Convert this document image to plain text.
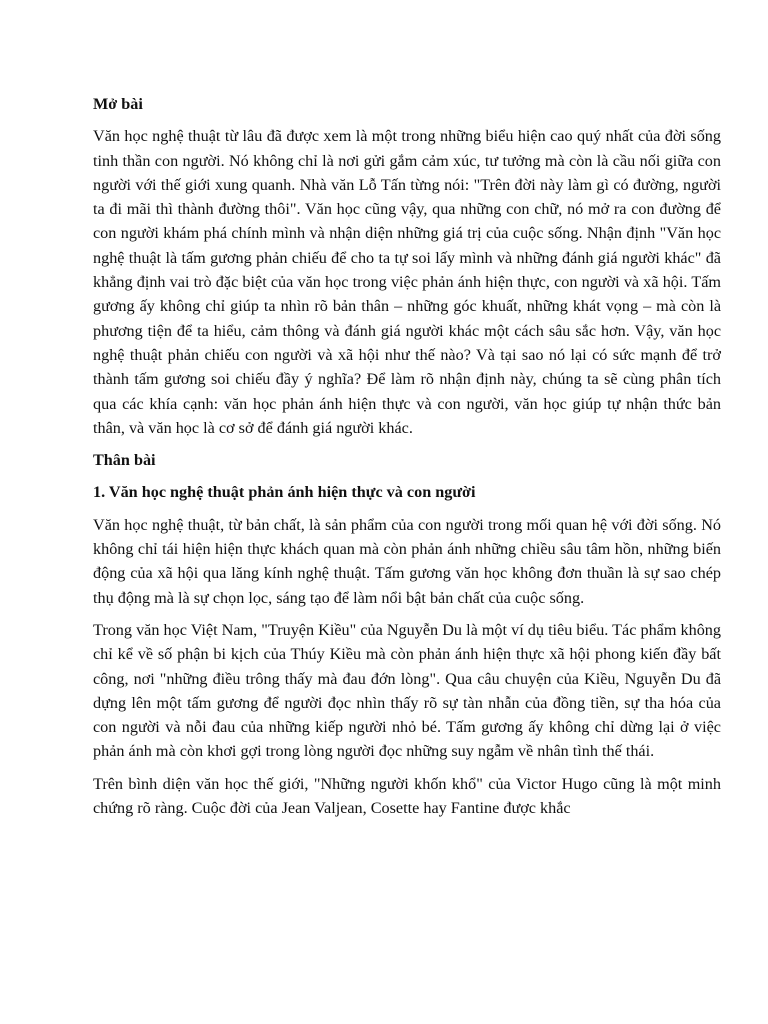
Mở bài
Văn học nghệ thuật từ lâu đã được xem là một trong những biểu hiện cao quý nhất của đời sống tinh thần con người. Nó không chỉ là nơi gửi gắm cảm xúc, tư tưởng mà còn là cầu nối giữa con người với thế giới xung quanh. Nhà văn Lỗ Tấn từng nói: "Trên đời này làm gì có đường, người ta đi mãi thì thành đường thôi". Văn học cũng vậy, qua những con chữ, nó mở ra con đường để con người khám phá chính mình và nhận diện những giá trị của cuộc sống. Nhận định "Văn học nghệ thuật là tấm gương phản chiếu để cho ta tự soi lấy mình và những đánh giá người khác" đã khẳng định vai trò đặc biệt của văn học trong việc phản ánh hiện thực, con người và xã hội. Tấm gương ấy không chỉ giúp ta nhìn rõ bản thân – những góc khuất, những khát vọng – mà còn là phương tiện để ta hiểu, cảm thông và đánh giá người khác một cách sâu sắc hơn. Vậy, văn học nghệ thuật phản chiếu con người và xã hội như thế nào? Và tại sao nó lại có sức mạnh để trở thành tấm gương soi chiếu đầy ý nghĩa? Để làm rõ nhận định này, chúng ta sẽ cùng phân tích qua các khía cạnh: văn học phản ánh hiện thực và con người, văn học giúp tự nhận thức bản thân, và văn học là cơ sở để đánh giá người khác.
Thân bài
1. Văn học nghệ thuật phản ánh hiện thực và con người
Văn học nghệ thuật, từ bản chất, là sản phẩm của con người trong mối quan hệ với đời sống. Nó không chỉ tái hiện hiện thực khách quan mà còn phản ánh những chiều sâu tâm hồn, những biến động của xã hội qua lăng kính nghệ thuật. Tấm gương văn học không đơn thuần là sự sao chép thụ động mà là sự chọn lọc, sáng tạo để làm nổi bật bản chất của cuộc sống.
Trong văn học Việt Nam, "Truyện Kiều" của Nguyễn Du là một ví dụ tiêu biểu. Tác phẩm không chỉ kể về số phận bi kịch của Thúy Kiều mà còn phản ánh hiện thực xã hội phong kiến đầy bất công, nơi "những điều trông thấy mà đau đớn lòng". Qua câu chuyện của Kiều, Nguyễn Du đã dựng lên một tấm gương để người đọc nhìn thấy rõ sự tàn nhẫn của đồng tiền, sự tha hóa của con người và nỗi đau của những kiếp người nhỏ bé. Tấm gương ấy không chỉ dừng lại ở việc phản ánh mà còn khơi gợi trong lòng người đọc những suy ngẫm về nhân tình thế thái.
Trên bình diện văn học thế giới, "Những người khốn khổ" của Victor Hugo cũng là một minh chứng rõ ràng. Cuộc đời của Jean Valjean, Cosette hay Fantine được khắc
